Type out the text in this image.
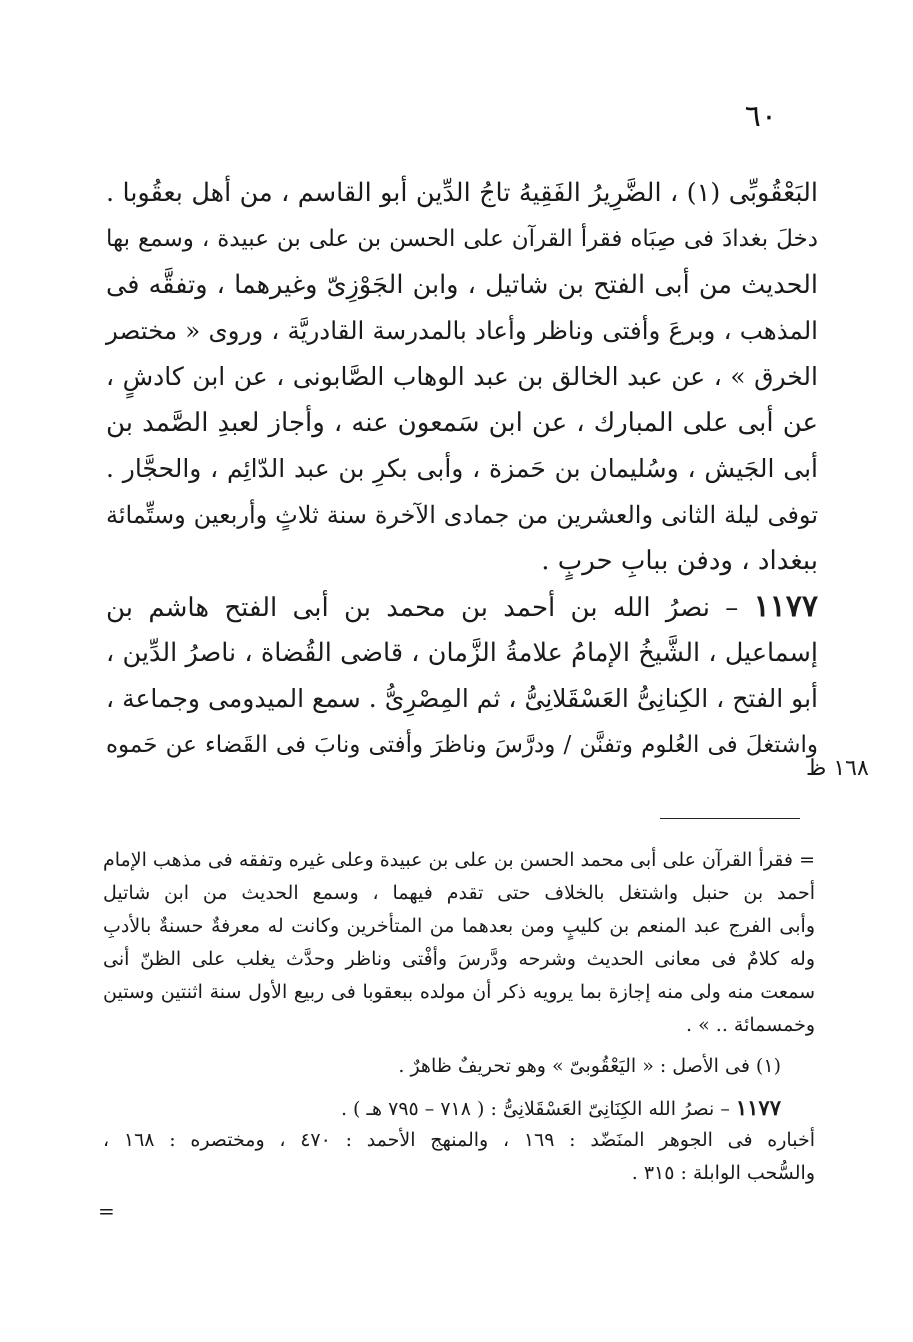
٦٠
البَعْقُوبِّى (١) ، الضَّرِيرُ الفَقِيهُ تاجُ الدِّين أبو القاسم ، من أهل بعقُوبا .
دخلَ بغدادَ فى صِبَاه فقرأ القرآن على الحسن بن على بن عبيدة ، وسمع بها
الحديث من أبى الفتح بن شاتيل ، وابن الجَوْزِىّ وغيرهما ، وتفقَّه فى
المذهب ، وبرعَ وأفتى وناظر وأعاد بالمدرسة القادريَّة ، وروى « مختصر
الخرق » ، عن عبد الخالق بن عبد الوهاب الصَّابونى ، عن ابن كادشٍ ،
عن أبى على المبارك ، عن ابن سَمعون عنه ، وأجاز لعبدِ الصَّمد بن
أبى الجَيش ، وسُليمان بن حَمزة ، وأبى بكرِ بن عبد الدّائِم ، والحجَّار .
توفى ليلة الثانى والعشرين من جمادى الآخرة سنة ثلاثٍ وأربعين وستِّمائة
ببغداد ، ودفن ببابِ حربٍ .
١١٧٧ – نصرُ الله بن أحمد بن محمد بن أبى الفتح هاشم بن
إسماعيل ، الشَّيخُ الإمامُ علامةُ الزَّمان ، قاضى القُضاة ، ناصرُ الدِّين ،
أبو الفتح ، الكِنانِىُّ العَسْقَلانِىُّ ، ثم المِصْرِىُّ . سمع الميدومى وجماعة ،
واشتغلَ فى العُلوم وتفنَّن / ودرَّسَ وناظرَ وأفتى ونابَ فى القَضاء عن حَموه
١٦٨ ظ
= فقرأ القرآن على أبى محمد الحسن بن على بن عبيدة وعلى غيره وتفقه فى مذهب الإمام
أحمد بن حنبل واشتغل بالخلاف حتى تقدم فيهما ، وسمع الحديث من ابن شاتيل
وأبى الفرج عبد المنعم بن كليبٍ ومن بعدهما من المتأخرين وكانت له معرفةٌ حسنةٌ بالأدبِ
وله كلامٌ فى معانى الحديث وشرحه ودَّرسَ وأفْتى وناظر وحدَّث يغلب على الظنّ أنى
سمعت منه ولى منه إجازة بما يرويه ذكر أن مولده ببعقوبا فى ربيع الأول سنة اثنتين وستين
وخمسمائة .. » .
(١) فى الأصل : « اليَعْقُوبىّ » وهو تحريفٌ ظاهرٌ .
١١٧٧ – نصرُ الله الكِنَانِىّ العَسْقَلانِىُّ : ( ٧١٨ – ٧٩٥ هـ ) .
أخباره فى الجوهر المنَضّد : ١٦٩ ، والمنهج الأحمد : ٤٧٠ ، ومختصره : ١٦٨ ،
والسُّحب الوابلة : ٣١٥ .
=
